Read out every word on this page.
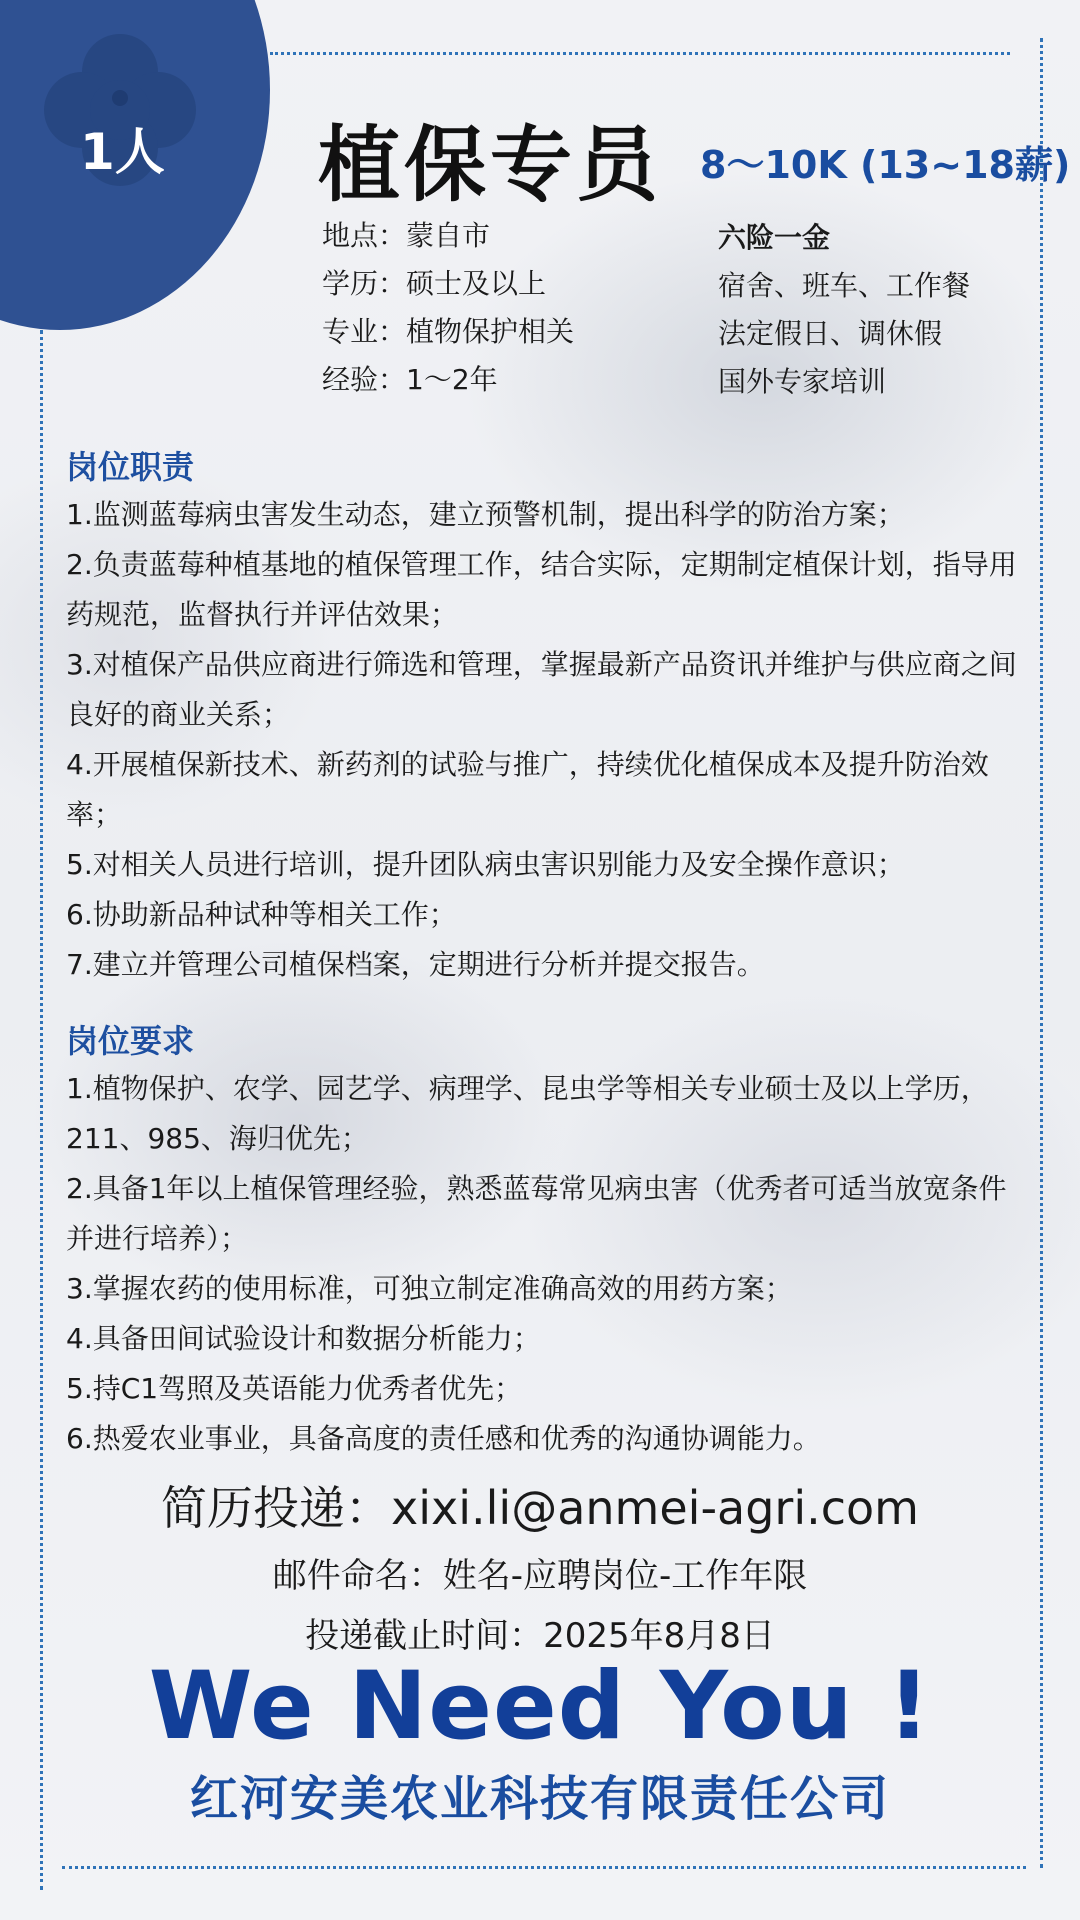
1人 植保专员 8～10K (13~18薪)
地点：蒙自市
学历：硕士及以上
专业：植物保护相关
经验：1～2年
六险一金
宿舍、班车、工作餐
法定假日、调休假
国外专家培训
岗位职责

1.监测蓝莓病虫害发生动态，建立预警机制，提出科学的防治方案；

2.负责蓝莓种植基地的植保管理工作，结合实际，定期制定植保计划，指导用药规范，监督执行并评估效果；

3.对植保产品供应商进行筛选和管理，掌握最新产品资讯并维护与供应商之间良好的商业关系；

4.开展植保新技术、新药剂的试验与推广，持续优化植保成本及提升防治效率；

5.对相关人员进行培训，提升团队病虫害识别能力及安全操作意识；

6.协助新品种试种等相关工作；

7.建立并管理公司植保档案，定期进行分析并提交报告。

岗位要求

1.植物保护、农学、园艺学、病理学、昆虫学等相关专业硕士及以上学历，211、985、海归优先；

2.具备1年以上植保管理经验，熟悉蓝莓常见病虫害（优秀者可适当放宽条件并进行培养）；

3.掌握农药的使用标准，可独立制定准确高效的用药方案；

4.具备田间试验设计和数据分析能力；

5.持C1驾照及英语能力优秀者优先；

6.热爱农业事业，具备高度的责任感和优秀的沟通协调能力。

简历投递：xixi.li@anmei-agri.com
邮件命名：姓名-应聘岗位-工作年限
投递截止时间：2025年8月8日
We Need You !
红河安美农业科技有限责任公司
